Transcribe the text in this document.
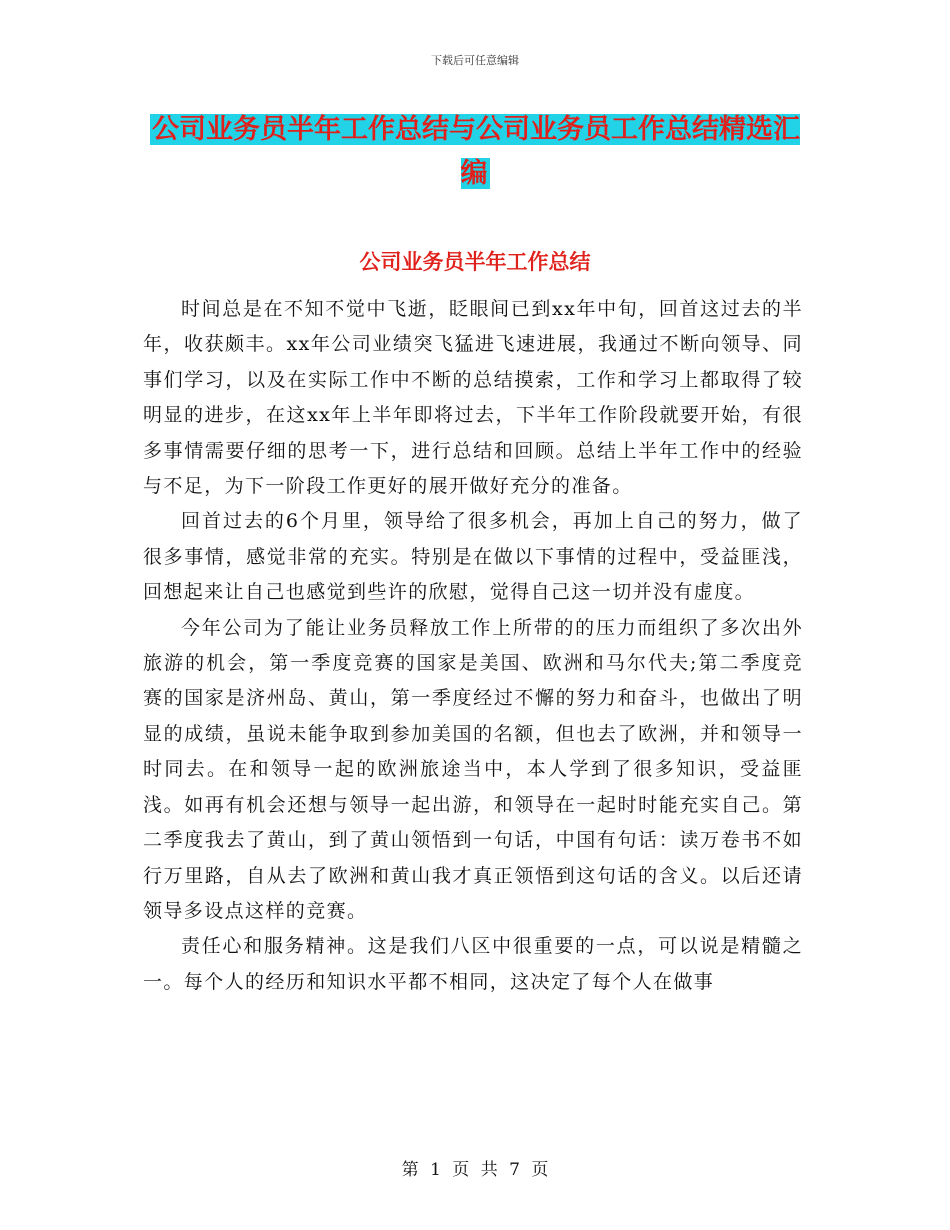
下载后可任意编辑
公司业务员半年工作总结与公司业务员工作总结精选汇编
公司业务员半年工作总结

时间总是在不知不觉中飞逝，眨眼间已到xx年中旬，回首这过去的半年，收获颇丰。xx年公司业绩突飞猛进飞速进展，我通过不断向领导、同事们学习，以及在实际工作中不断的总结摸索，工作和学习上都取得了较明显的进步，在这xx年上半年即将过去，下半年工作阶段就要开始，有很多事情需要仔细的思考一下，进行总结和回顾。总结上半年工作中的经验与不足，为下一阶段工作更好的展开做好充分的准备。

回首过去的6个月里，领导给了很多机会，再加上自己的努力，做了很多事情，感觉非常的充实。特别是在做以下事情的过程中，受益匪浅，回想起来让自己也感觉到些许的欣慰，觉得自己这一切并没有虚度。

今年公司为了能让业务员释放工作上所带的的压力而组织了多次出外旅游的机会，第一季度竞赛的国家是美国、欧洲和马尔代夫;第二季度竞赛的国家是济州岛、黄山，第一季度经过不懈的努力和奋斗，也做出了明显的成绩，虽说未能争取到参加美国的名额，但也去了欧洲，并和领导一时同去。在和领导一起的欧洲旅途当中，本人学到了很多知识，受益匪浅。如再有机会还想与领导一起出游，和领导在一起时时能充实自己。第二季度我去了黄山，到了黄山领悟到一句话，中国有句话：读万卷书不如行万里路，自从去了欧洲和黄山我才真正领悟到这句话的含义。以后还请领导多设点这样的竞赛。

责任心和服务精神。这是我们八区中很重要的一点，可以说是精髓之一。每个人的经历和知识水平都不相同，这决定了每个人在做事

第 1 页 共 7 页
